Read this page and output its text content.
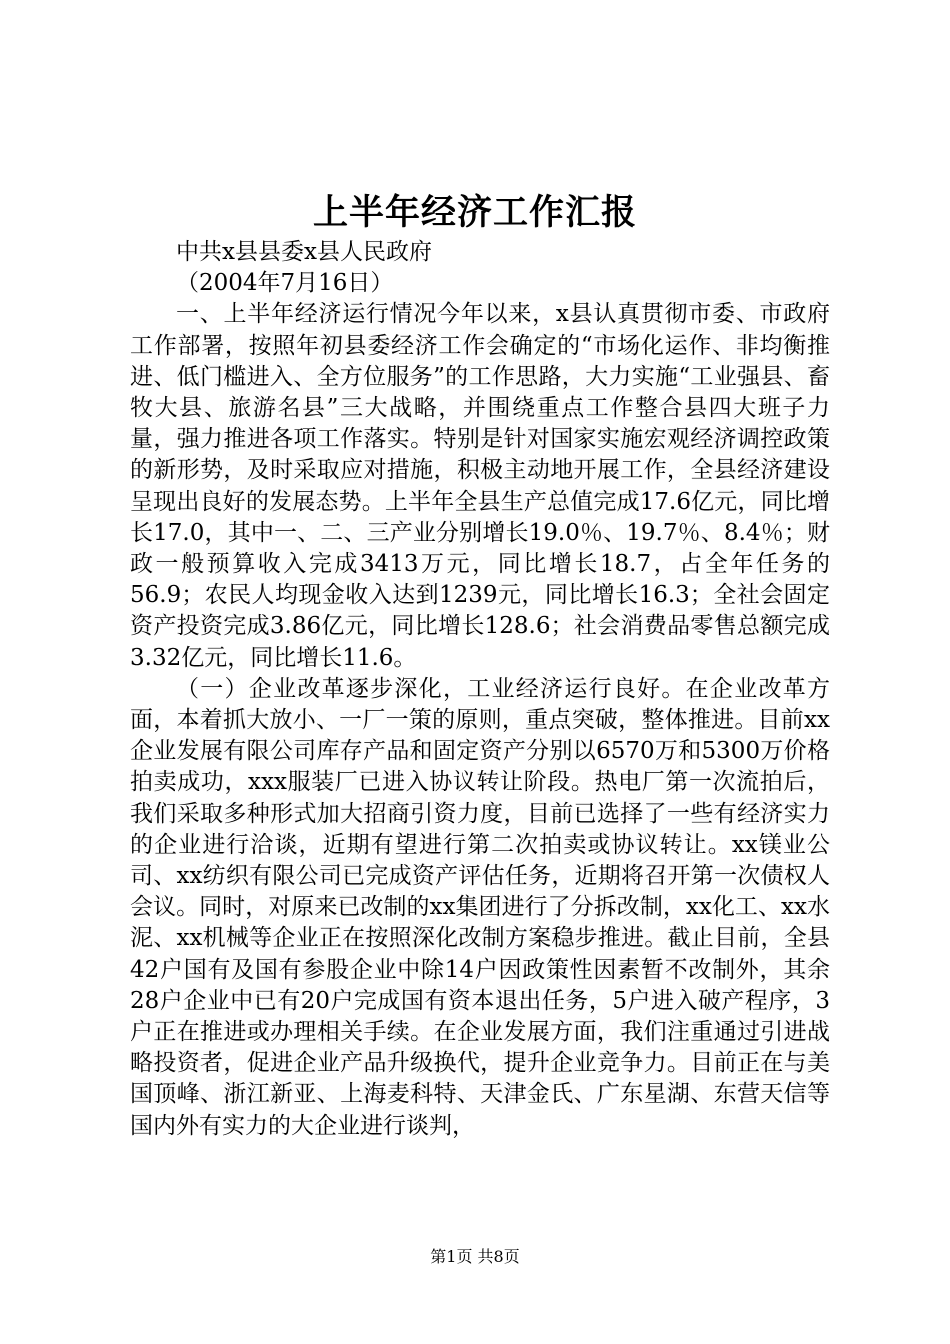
上半年经济工作汇报

中共x县县委x县人民政府

（2004年7月16日）

一、上半年经济运行情况今年以来，x县认真贯彻市委、市政府工作部署，按照年初县委经济工作会确定的“市场化运作、非均衡推进、低门槛进入、全方位服务”的工作思路，大力实施“工业强县、畜牧大县、旅游名县”三大战略，并围绕重点工作整合县四大班子力量，强力推进各项工作落实。特别是针对国家实施宏观经济调控政策的新形势，及时采取应对措施，积极主动地开展工作，全县经济建设呈现出良好的发展态势。上半年全县生产总值完成17.6亿元，同比增长17.0，其中一、二、三产业分别增长19.0％、19.7％、8.4％；财政一般预算收入完成3413万元，同比增长18.7，占全年任务的56.9；农民人均现金收入达到1239元，同比增长16.3；全社会固定资产投资完成3.86亿元，同比增长128.6；社会消费品零售总额完成3.32亿元，同比增长11.6。

（一）企业改革逐步深化，工业经济运行良好。在企业改革方面，本着抓大放小、一厂一策的原则，重点突破，整体推进。目前xx企业发展有限公司库存产品和固定资产分别以6570万和5300万价格拍卖成功，xxx服装厂已进入协议转让阶段。热电厂第一次流拍后，我们采取多种形式加大招商引资力度，目前已选择了一些有经济实力的企业进行洽谈，近期有望进行第二次拍卖或协议转让。xx镁业公司、xx纺织有限公司已完成资产评估任务，近期将召开第一次债权人会议。同时，对原来已改制的xx集团进行了分拆改制，xx化工、xx水泥、xx机械等企业正在按照深化改制方案稳步推进。截止目前，全县42户国有及国有参股企业中除14户因政策性因素暂不改制外，其余28户企业中已有20户完成国有资本退出任务，5户进入破产程序，3户正在推进或办理相关手续。在企业发展方面，我们注重通过引进战略投资者，促进企业产品升级换代，提升企业竞争力。目前正在与美国顶峰、浙江新亚、上海麦科特、天津金氏、广东星湖、东营天信等国内外有实力的大企业进行谈判，

第1页 共8页
